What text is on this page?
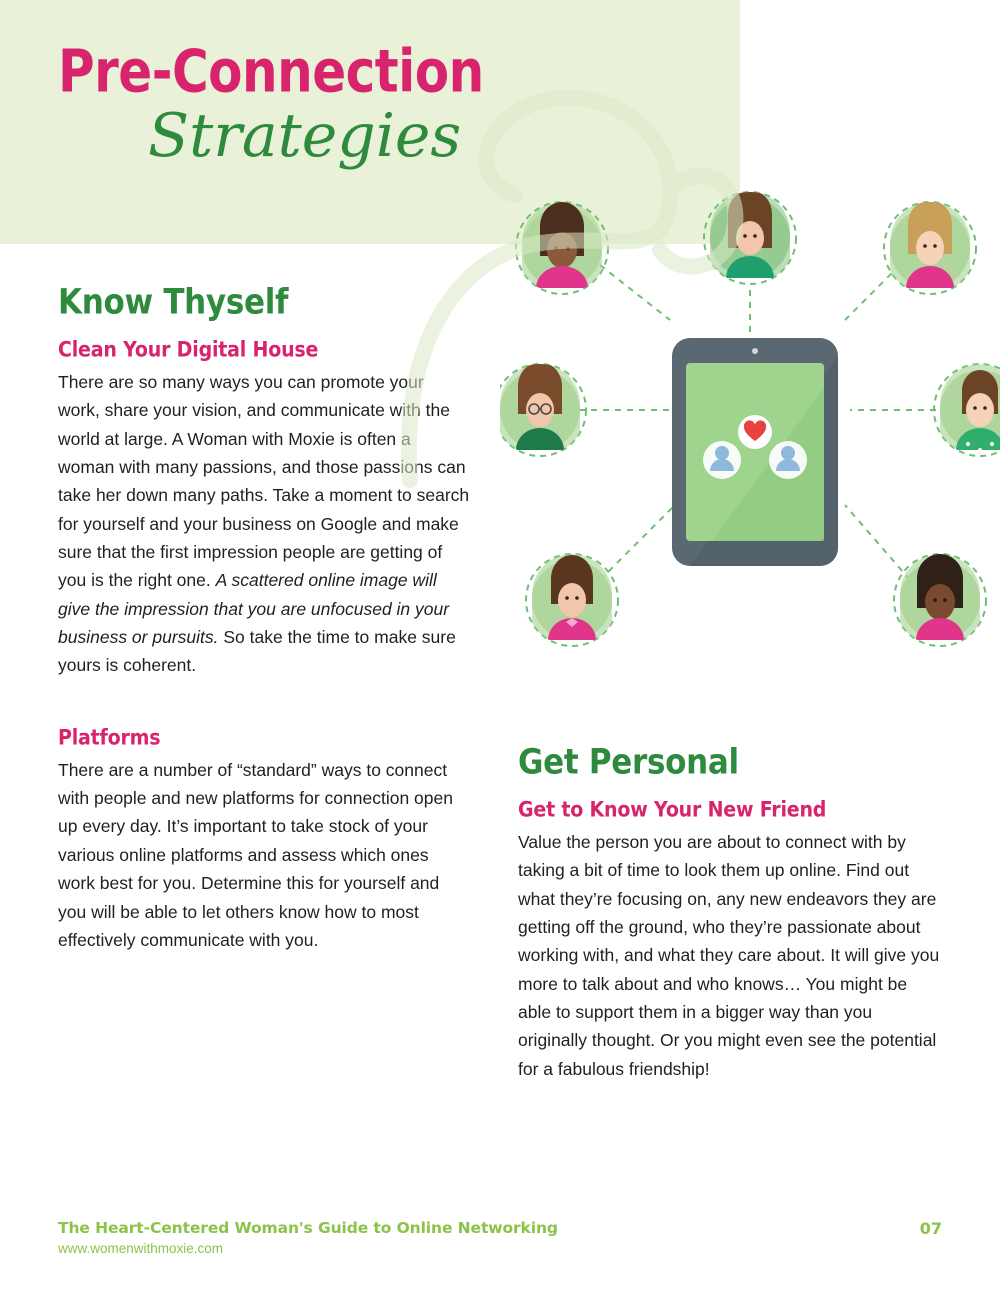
Pre-Connection
Strategies
Know Thyself
Clean Your Digital House

There are so many ways you can promote your work, share your vision, and communicate with the world at large. A Woman with Moxie is often a woman with many passions, and those passions can take her down many paths. Take a moment to search for yourself and your business on Google and make sure that the first impression people are getting of you is the right one. A scattered online image will give the impression that you are unfocused in your business or pursuits. So take the time to make sure yours is coherent.

Platforms

There are a number of “standard” ways to connect with people and new platforms for connection open up every day. It’s important to take stock of your various online platforms and assess which ones work best for you. Determine this for yourself and you will be able to let others know how to most effectively communicate with you.

Get Personal
Get to Know Your New Friend

Value the person you are about to connect with by taking a bit of time to look them up online. Find out what they’re focusing on, any new endeavors they are getting off the ground, who they’re passionate about working with, and what they care about. It will give you more to talk about and who knows… You might be able to support them in a bigger way than you originally thought. Or you might even see the potential for a fabulous friendship!

The Heart-Centered Woman's Guide to Online Networking
www.womenwithmoxie.com
07
